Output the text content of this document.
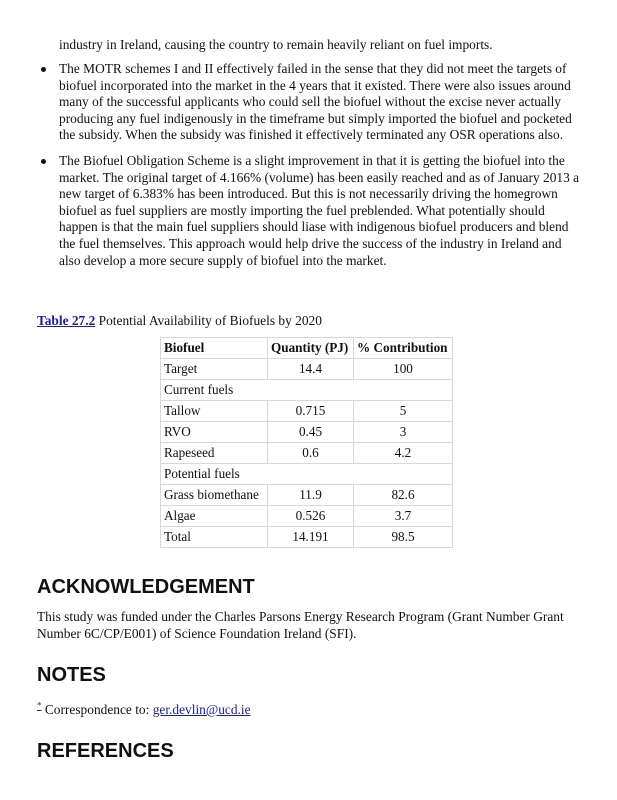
industry in Ireland, causing the country to remain heavily reliant on fuel imports.
The MOTR schemes I and II effectively failed in the sense that they did not meet the targets of biofuel incorporated into the market in the 4 years that it existed. There were also issues around many of the successful applicants who could sell the biofuel without the excise never actually producing any fuel indigenously in the timeframe but simply imported the biofuel and pocketed the subsidy. When the subsidy was finished it effectively terminated any OSR operations also.
The Biofuel Obligation Scheme is a slight improvement in that it is getting the biofuel into the market. The original target of 4.166% (volume) has been easily reached and as of January 2013 a new target of 6.383% has been introduced. But this is not necessarily driving the homegrown biofuel as fuel suppliers are mostly importing the fuel preblended. What potentially should happen is that the main fuel suppliers should liase with indigenous biofuel producers and blend the fuel themselves. This approach would help drive the success of the industry in Ireland and also develop a more secure supply of biofuel into the market.
Table 27.2 Potential Availability of Biofuels by 2020
Biofuel	Quantity (PJ)	% Contribution
Target	14.4	100
Current fuels		
Tallow	0.715	5
RVO	0.45	3
Rapeseed	0.6	4.2
Potential fuels		
Grass biomethane	11.9	82.6
Algae	0.526	3.7
Total	14.191	98.5
ACKNOWLEDGEMENT
This study was funded under the Charles Parsons Energy Research Program (Grant Number Grant Number 6C/CP/E001) of Science Foundation Ireland (SFI).
NOTES
* Correspondence to: ger.devlin@ucd.ie
REFERENCES
